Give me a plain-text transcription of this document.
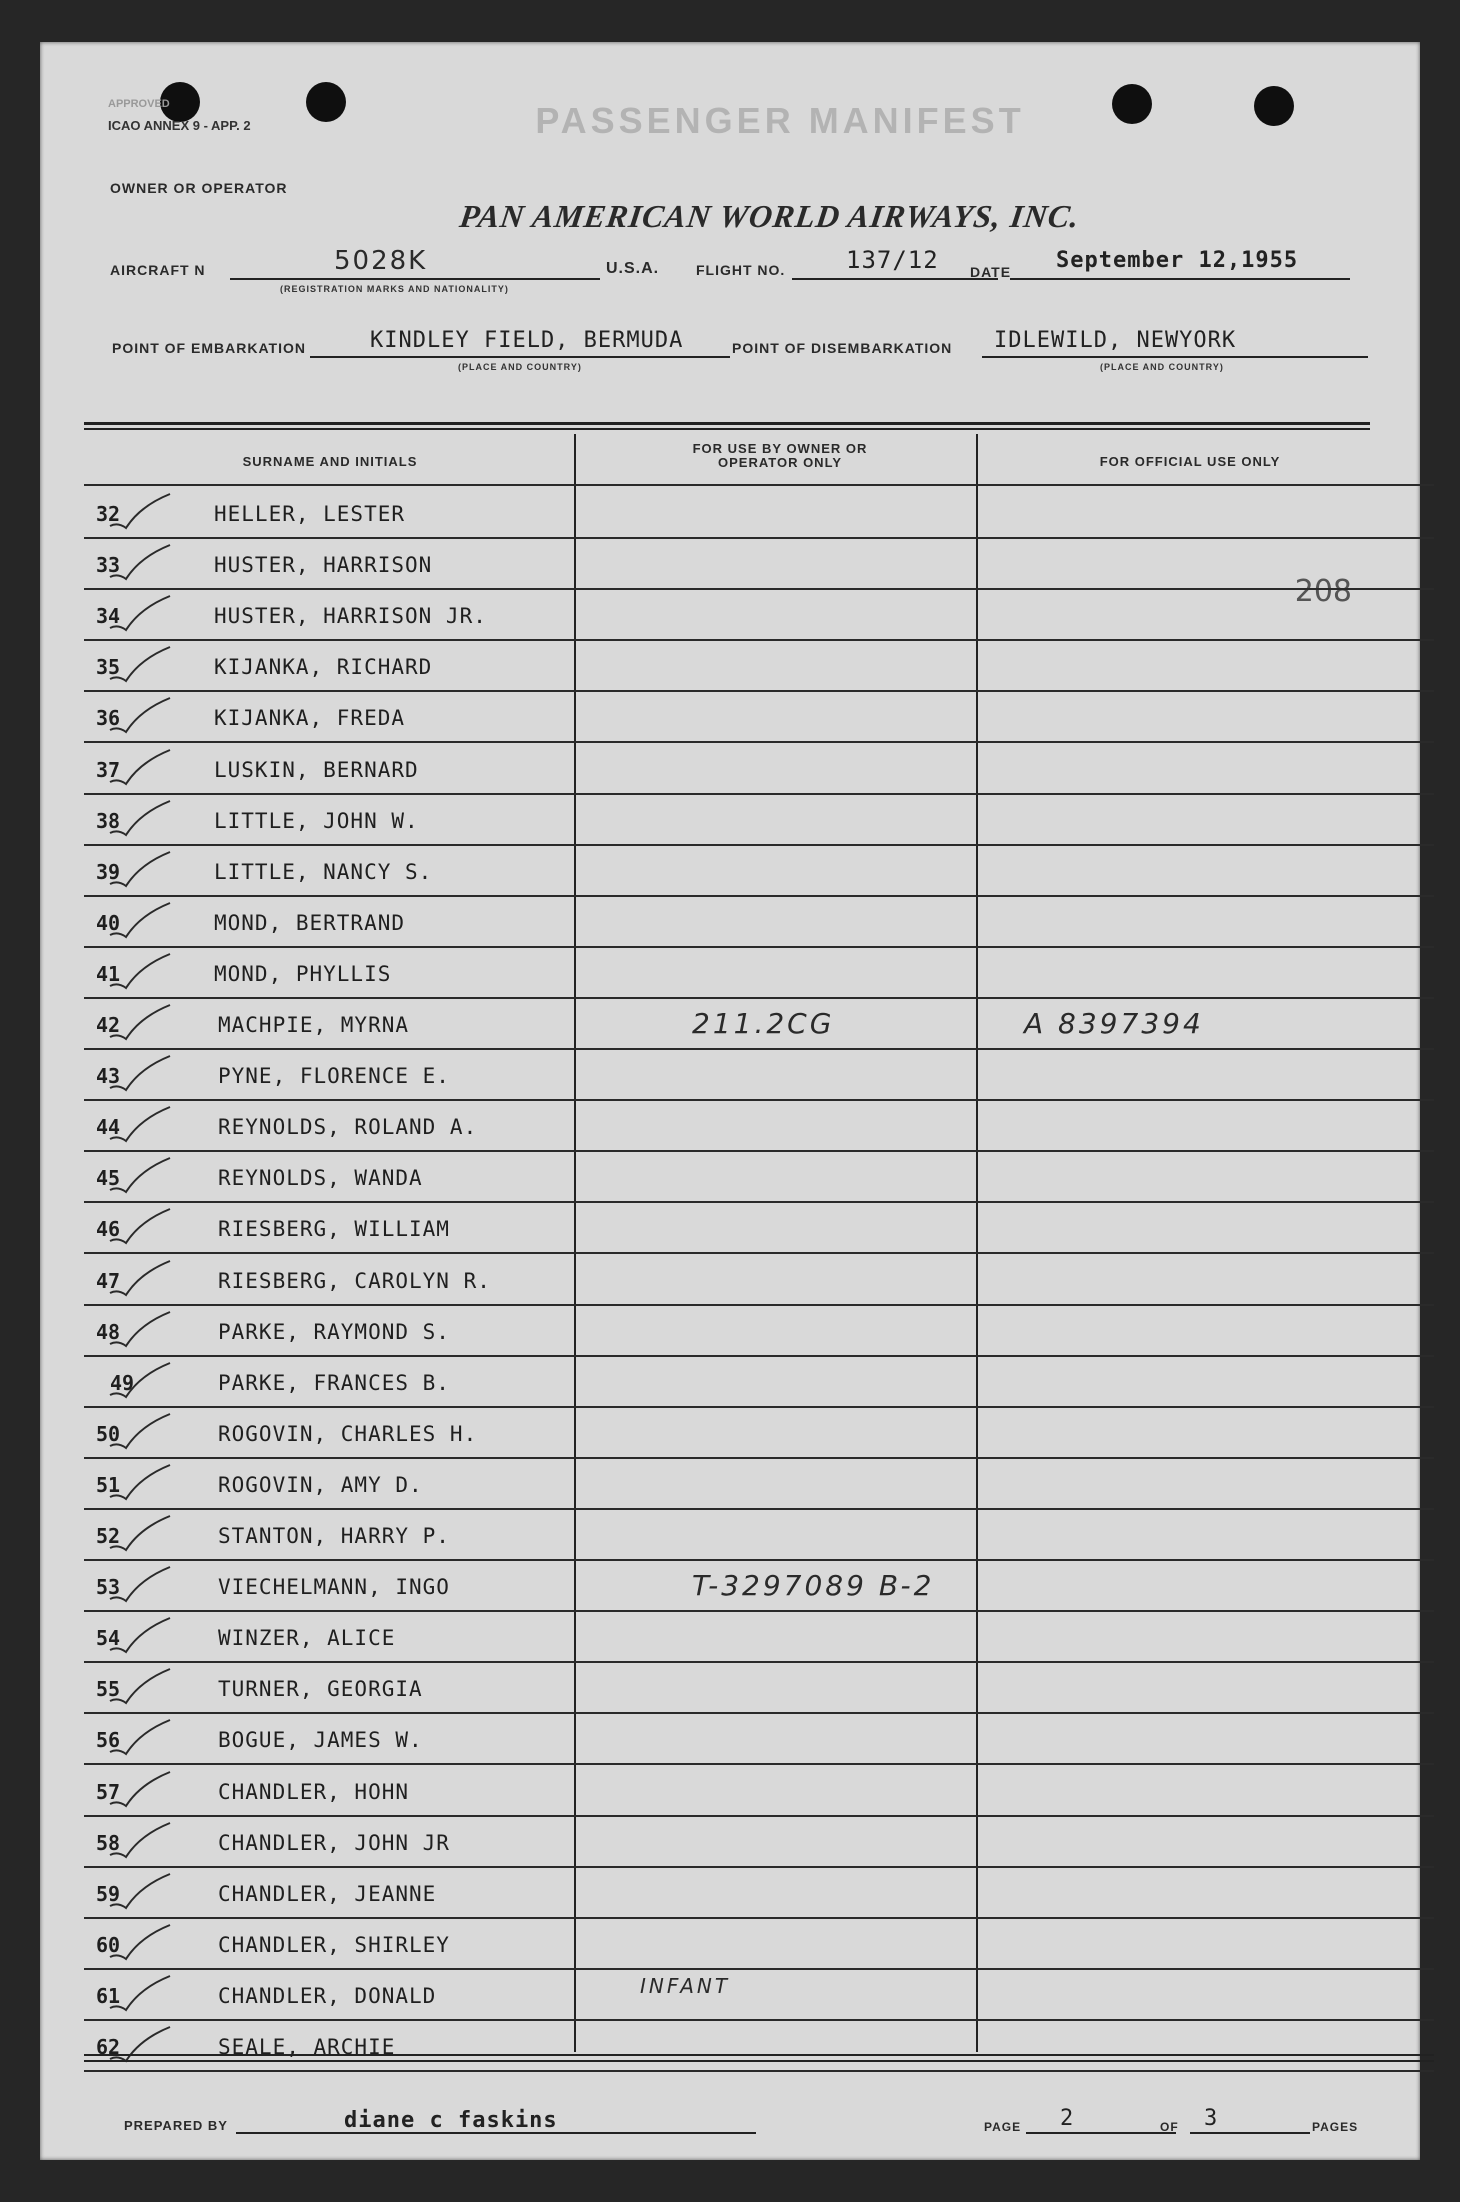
APPROVED
ICAO ANNEX 9 - APP. 2	PASSENGER MANIFEST
OWNER OR OPERATOR
PAN AMERICAN WORLD AIRWAYS, INC.
AIRCRAFT N	5028K
(REGISTRATION MARKS AND NATIONALITY)
U.S.A.	FLIGHT NO.	137/12 DATE September 12,1955
POINT OF EMBARKATION	KINDLEY FIELD, BERMUDA
(PLACE AND COUNTRY)
POINT OF DISEMBARKATION IDLEWILD, NEWYORK
(PLACE AND COUNTRY)
SURNAME AND INITIALS
FOR USE BY OWNER OR OPERATOR ONLY	FOR OFFICIAL USE ONLY
208
32	HELLER, LESTER
33	HUSTER, HARRISON
34	HUSTER, HARRISON JR.
35	KIJANKA, RICHARD
36	KIJANKA, FREDA
37	LUSKIN, BERNARD
38	LITTLE, JOHN W.
39	LITTLE, NANCY S.
40	MOND, BERTRAND
41	MOND, PHYLLIS
42	MACHPIE, MYRNA	211.2CG	A 8397394
43	PYNE, FLORENCE E.
44	REYNOLDS, ROLAND A.
45	REYNOLDS, WANDA
46	RIESBERG, WILLIAM
47	RIESBERG, CAROLYN R.
48	PARKE, RAYMOND S.
49	PARKE, FRANCES B.
50	ROGOVIN, CHARLES H.
51	ROGOVIN, AMY D.
52	STANTON, HARRY P.
53	VIECHELMANN, INGO	T-3297089 B-2
54	WINZER, ALICE
55	TURNER, GEORGIA
56	BOGUE, JAMES W.
57	CHANDLER, HOHN
58	CHANDLER, JOHN JR
59	CHANDLER, JEANNE
60	CHANDLER, SHIRLEY
61	CHANDLER, DONALD	INFANT
62	SEALE, ARCHIE
PREPARED BY	diane c faskins	PAGE 2	OF 3	PAGES
